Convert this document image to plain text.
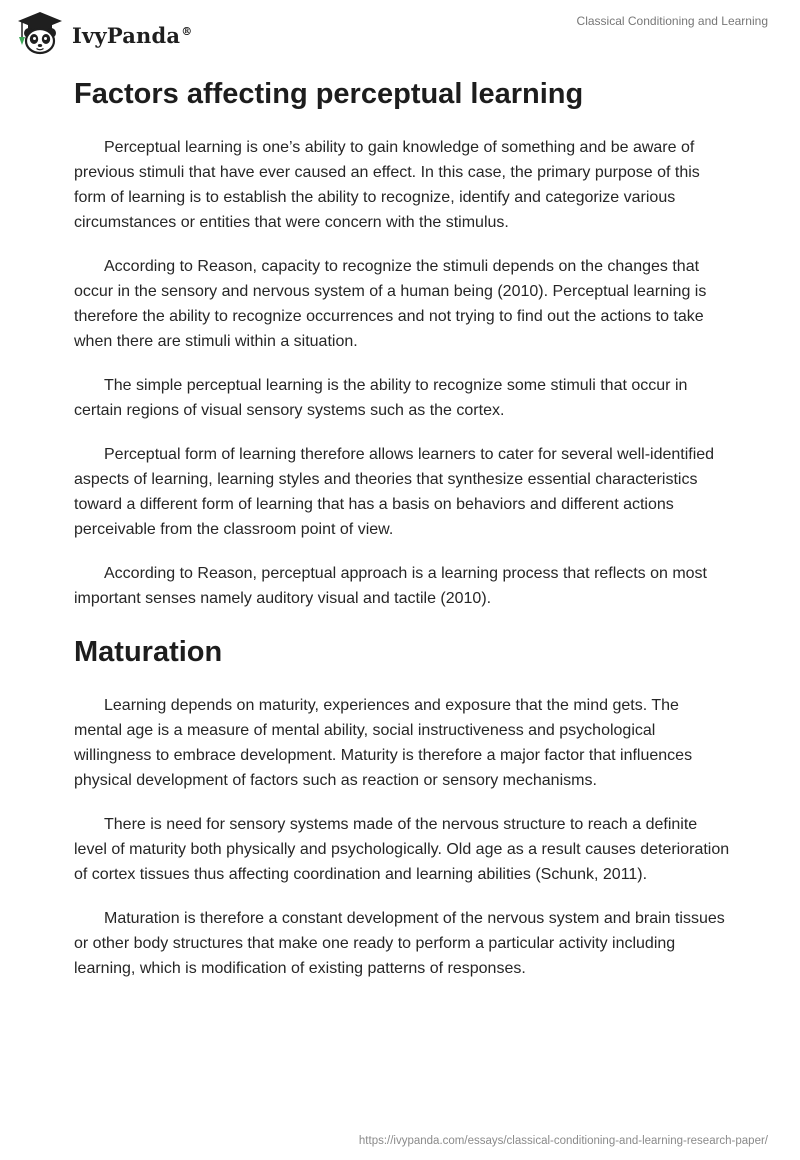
IvyPanda®
Classical Conditioning and Learning
Factors affecting perceptual learning

Perceptual learning is one’s ability to gain knowledge of something and be aware of previous stimuli that have ever caused an effect. In this case, the primary purpose of this form of learning is to establish the ability to recognize, identify and categorize various circumstances or entities that were concern with the stimulus.

According to Reason, capacity to recognize the stimuli depends on the changes that occur in the sensory and nervous system of a human being (2010). Perceptual learning is therefore the ability to recognize occurrences and not trying to find out the actions to take when there are stimuli within a situation.

The simple perceptual learning is the ability to recognize some stimuli that occur in certain regions of visual sensory systems such as the cortex.

Perceptual form of learning therefore allows learners to cater for several well-identified aspects of learning, learning styles and theories that synthesize essential characteristics toward a different form of learning that has a basis on behaviors and different actions perceivable from the classroom point of view.

According to Reason, perceptual approach is a learning process that reflects on most important senses namely auditory visual and tactile (2010).

Maturation

Learning depends on maturity, experiences and exposure that the mind gets. The mental age is a measure of mental ability, social instructiveness and psychological willingness to embrace development. Maturity is therefore a major factor that influences physical development of factors such as reaction or sensory mechanisms.

There is need for sensory systems made of the nervous structure to reach a definite level of maturity both physically and psychologically. Old age as a result causes deterioration of cortex tissues thus affecting coordination and learning abilities (Schunk, 2011).

Maturation is therefore a constant development of the nervous system and brain tissues or other body structures that make one ready to perform a particular activity including learning, which is modification of existing patterns of responses.

https://ivypanda.com/essays/classical-conditioning-and-learning-research-paper/
